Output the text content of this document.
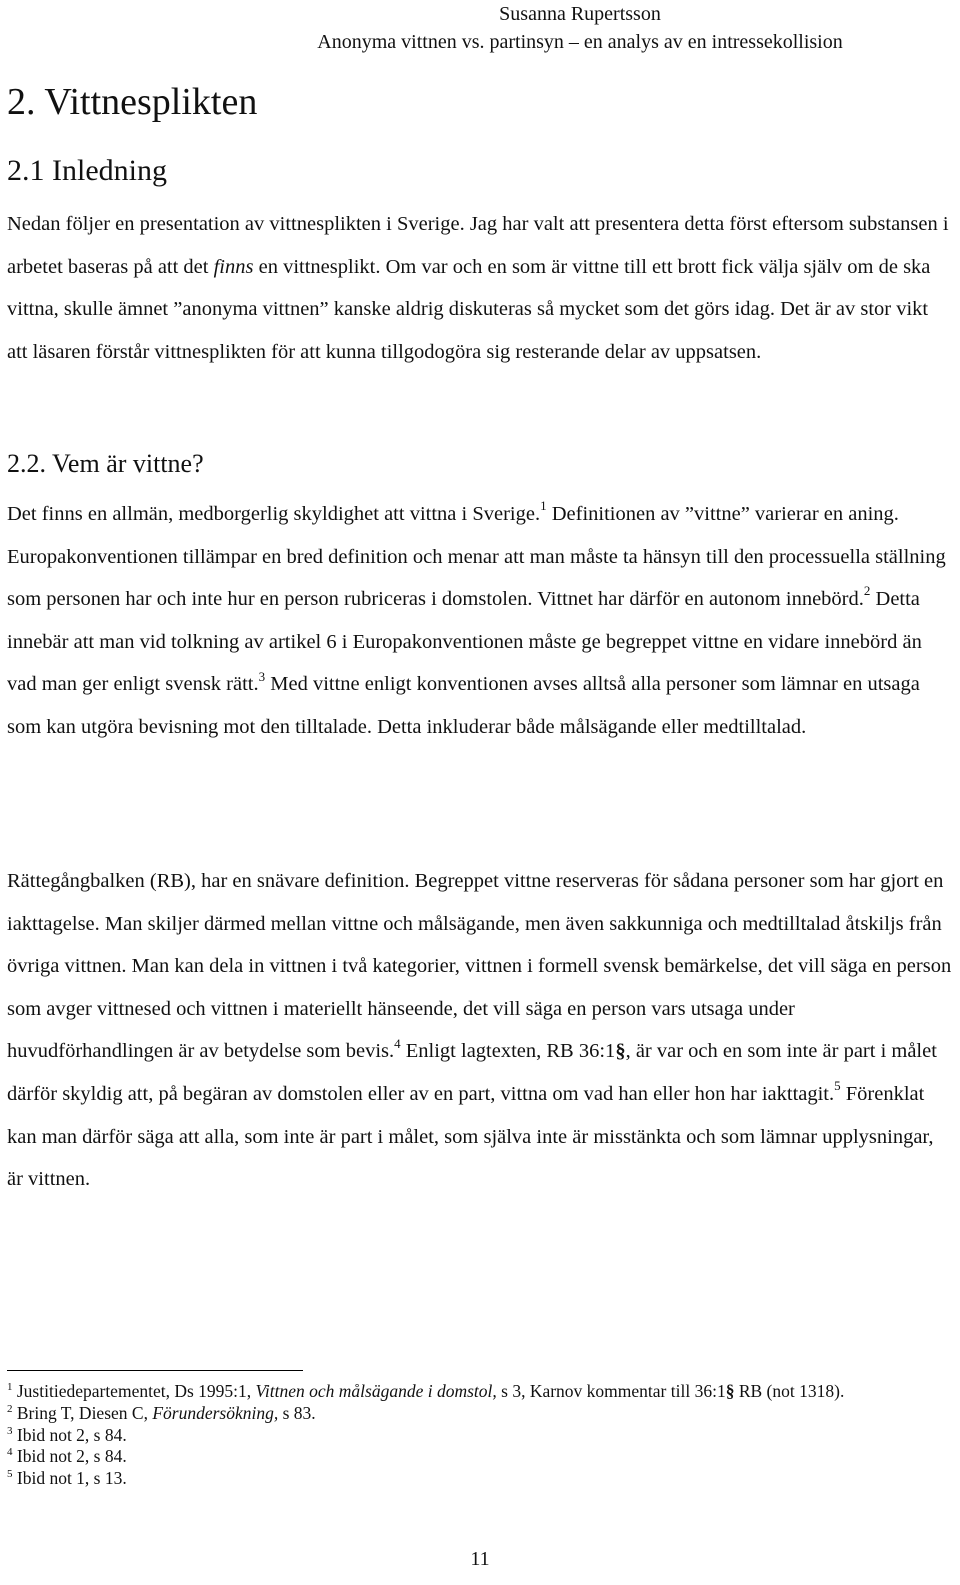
Susanna Rupertsson
Anonyma vittnen vs. partinsyn – en analys av en intressekollision
2. Vittnesplikten
2.1 Inledning

Nedan följer en presentation av vittnesplikten i Sverige. Jag har valt att presentera detta först eftersom substansen i arbetet baseras på att det finns en vittnesplikt. Om var och en som är vittne till ett brott fick välja själv om de ska vittna, skulle ämnet ”anonyma vittnen” kanske aldrig diskuteras så mycket som det görs idag. Det är av stor vikt att läsaren förstår vittnesplikten för att kunna tillgodogöra sig resterande delar av uppsatsen.

2.2. Vem är vittne?

Det finns en allmän, medborgerlig skyldighet att vittna i Sverige.$^1$ Definitionen av ”vittne” varierar en aning. Europakonventionen tillämpar en bred definition och menar att man måste ta hänsyn till den processuella ställning som personen har och inte hur en person rubriceras i domstolen. Vittnet har därför en autonom innebörd.$^2$ Detta innebär att man vid tolkning av artikel 6 i Europakonventionen måste ge begreppet vittne en vidare innebörd än vad man ger enligt svensk rätt.$^3$ Med vittne enligt konventionen avses alltså alla personer som lämnar en utsaga som kan utgöra bevisning mot den tilltalade. Detta inkluderar både målsägande eller medtilltalad.

Rättegångbalken (RB), har en snävare definition. Begreppet vittne reserveras för sådana personer som har gjort en iakttagelse. Man skiljer därmed mellan vittne och målsägande, men även sakkunniga och medtilltalad åtskiljs från övriga vittnen. Man kan dela in vittnen i två kategorier, vittnen i formell svensk bemärkelse, det vill säga en person som avger vittnesed och vittnen i materiellt hänseende, det vill säga en person vars utsaga under huvudförhandlingen är av betydelse som bevis.$^4$ Enligt lagtexten, RB 36:1§, är var och en som inte är part i målet därför skyldig att, på begäran av domstolen eller av en part, vittna om vad han eller hon har iakttagit.$^5$ Förenklat kan man därför säga att alla, som inte är part i målet, som själva inte är misstänkta och som lämnar upplysningar, är vittnen.

$^1$ Justitiedepartementet, Ds 1995:1, Vittnen och målsägande i domstol, s 3, Karnov kommentar till 36:1§ RB (not 1318).

$^2$ Bring T, Diesen C, Förundersökning, s 83.

$^3$ Ibid not 2, s 84.

$^4$ Ibid not 2, s 84.

$^5$ Ibid not 1, s 13.

11
